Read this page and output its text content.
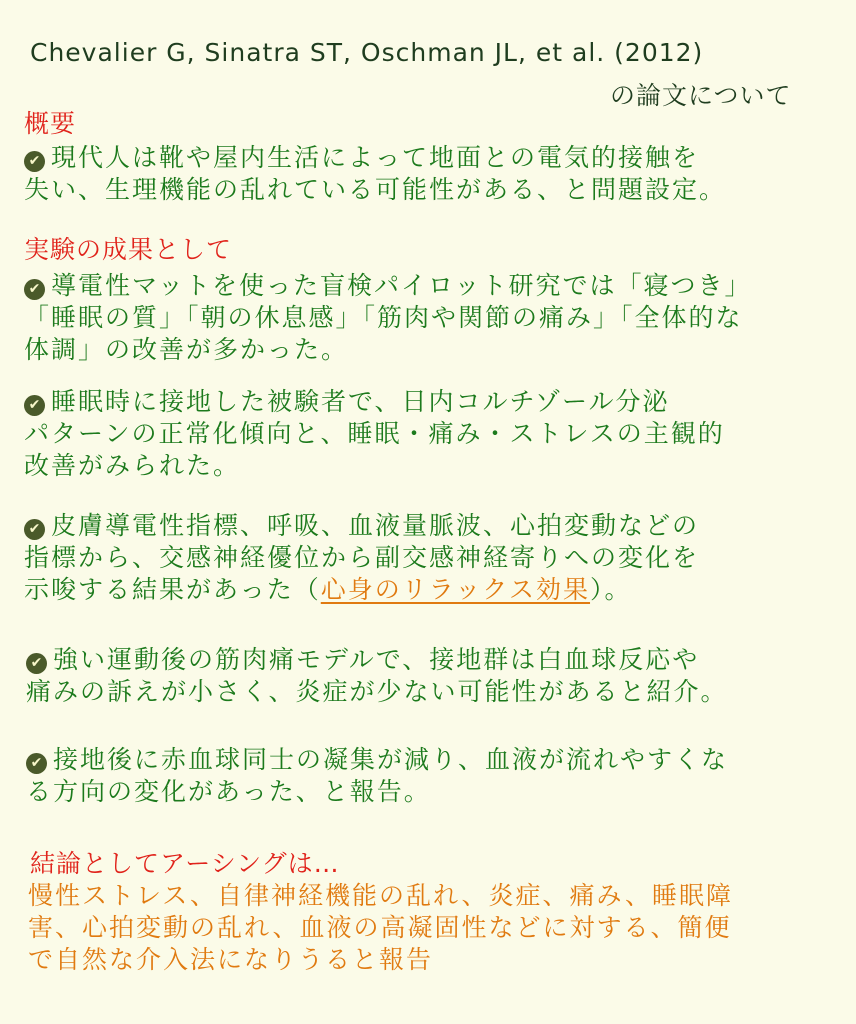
Chevalier G, Sinatra ST, Oschman JL, et al. (2012)
の論文について
概要
✔ 現代人は靴や屋内生活によって地面との電気的接触を
失い、生理機能の乱れている可能性がある、と問題設定。
実験の成果として
✔ 導電性マットを使った盲検パイロット研究では「寝つき」
「睡眠の質」「朝の休息感」「筋肉や関節の痛み」「全体的な
体調」の改善が多かった。
✔ 睡眠時に接地した被験者で、日内コルチゾール分泌
パターンの正常化傾向と、睡眠・痛み・ストレスの主観的
改善がみられた。
✔ 皮膚導電性指標、呼吸、血液量脈波、心拍変動などの
指標から、交感神経優位から副交感神経寄りへの変化を
示唆する結果があった（心身のリラックス効果）。
✔ 強い運動後の筋肉痛モデルで、接地群は白血球反応や
痛みの訴えが小さく、炎症が少ない可能性があると紹介。
✔ 接地後に赤血球同士の凝集が減り、血液が流れやすくな
る方向の変化があった、と報告。
結論としてアーシングは…
慢性ストレス、自律神経機能の乱れ、炎症、痛み、睡眠障
害、心拍変動の乱れ、血液の高凝固性などに対する、簡便
で自然な介入法になりうると報告
